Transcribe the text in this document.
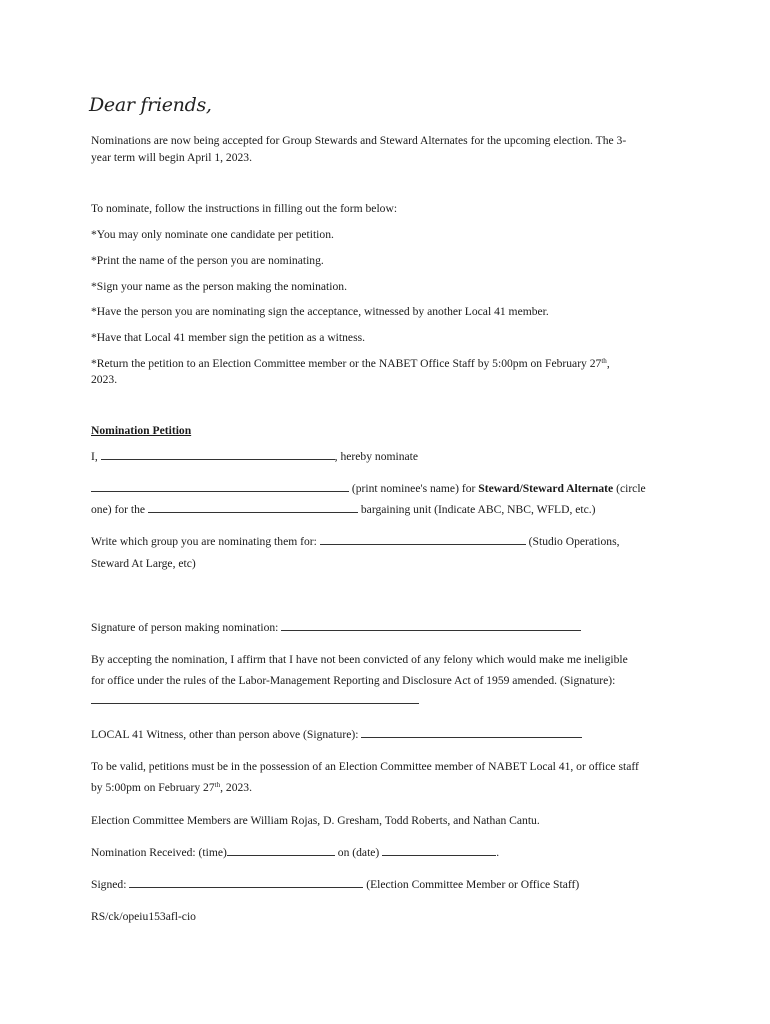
Dear friends,
Nominations are now being accepted for Group Stewards and Steward Alternates for the upcoming election. The 3-
year term will begin April 1, 2023.
To nominate, follow the instructions in filling out the form below:
*You may only nominate one candidate per petition.
*Print the name of the person you are nominating.
*Sign your name as the person making the nomination.
*Have the person you are nominating sign the acceptance, witnessed by another Local 41 member.
*Have that Local 41 member sign the petition as a witness.
*Return the petition to an Election Committee member or the NABET Office Staff by 5:00pm on February 27th,
2023.
Nomination Petition
I,	, hereby nominate
(print nominee's name) for Steward/Steward Alternate (circle
one) for the	bargaining unit (Indicate ABC, NBC, WFLD, etc.)
Write which group you are nominating them for:	(Studio Operations,
Steward At Large, etc)
Signature of person making nomination:
By accepting the nomination, I affirm that I have not been convicted of any felony which would make me ineligible
for office under the rules of the Labor-Management Reporting and Disclosure Act of 1959 amended. (Signature):
LOCAL 41 Witness, other than person above (Signature):
To be valid, petitions must be in the possession of an Election Committee member of NABET Local 41, or office staff
by 5:00pm on February 27th, 2023.
Election Committee Members are William Rojas, D. Gresham, Todd Roberts, and Nathan Cantu.
Nomination Received: (time)	on (date)	.
Signed:	(Election Committee Member or Office Staff)
RS/ck/opeiu153afl-cio
